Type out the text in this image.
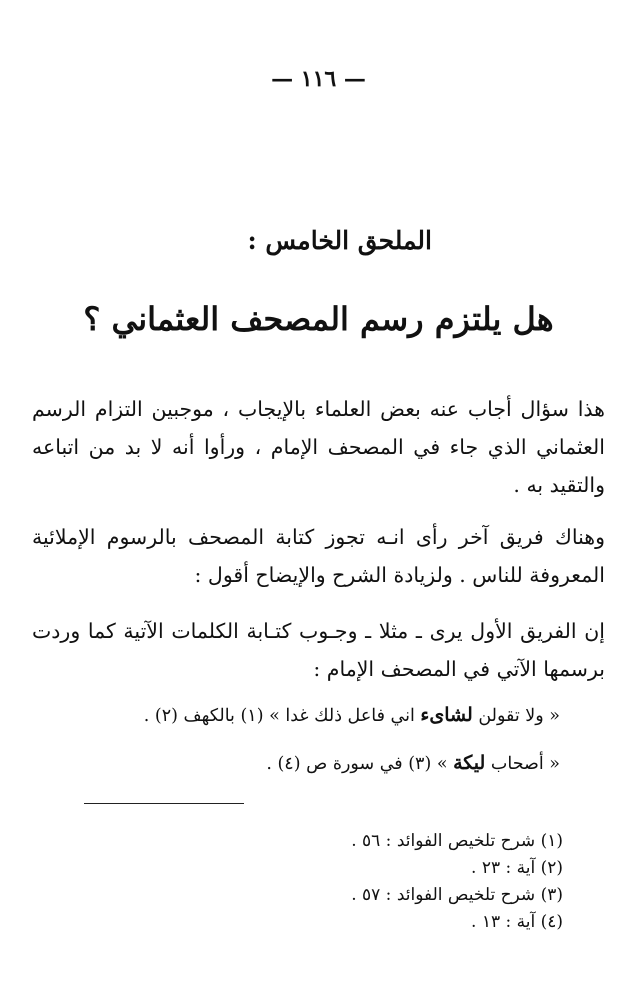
— ١١٦ —
الملحق الخامس :
هل يلتزم رسم المصحف العثماني ؟
هذا سؤال أجاب عنه بعض العلماء بالإيجاب ، موجبين التزام الرسم العثماني الذي جاء في المصحف الإمام ، ورأوا أنه لا بد من اتباعه والتقيد به .
وهناك فريق آخر رأى انـه تجوز كتابة المصحف بالرسوم الإملائية المعروفة للناس . ولزيادة الشرح والإيضاح أقول :
إن الفريق الأول يرى ـ مثلا ـ وجـوب كتـابة الكلمات الآتية كما وردت برسمها الآتي في المصحف الإمام :
« ولا تقولن لشاىء اني فاعل ذلك غدا » (١) بالكهف (٢) .
« أصحاب ليكة » (٣) في سورة ص (٤) .
(١) شرح تلخيص الفوائد : ٥٦ .
(٢) آية : ٢٣ .
(٣) شرح تلخيص الفوائد : ٥٧ .
(٤) آية : ١٣ .
